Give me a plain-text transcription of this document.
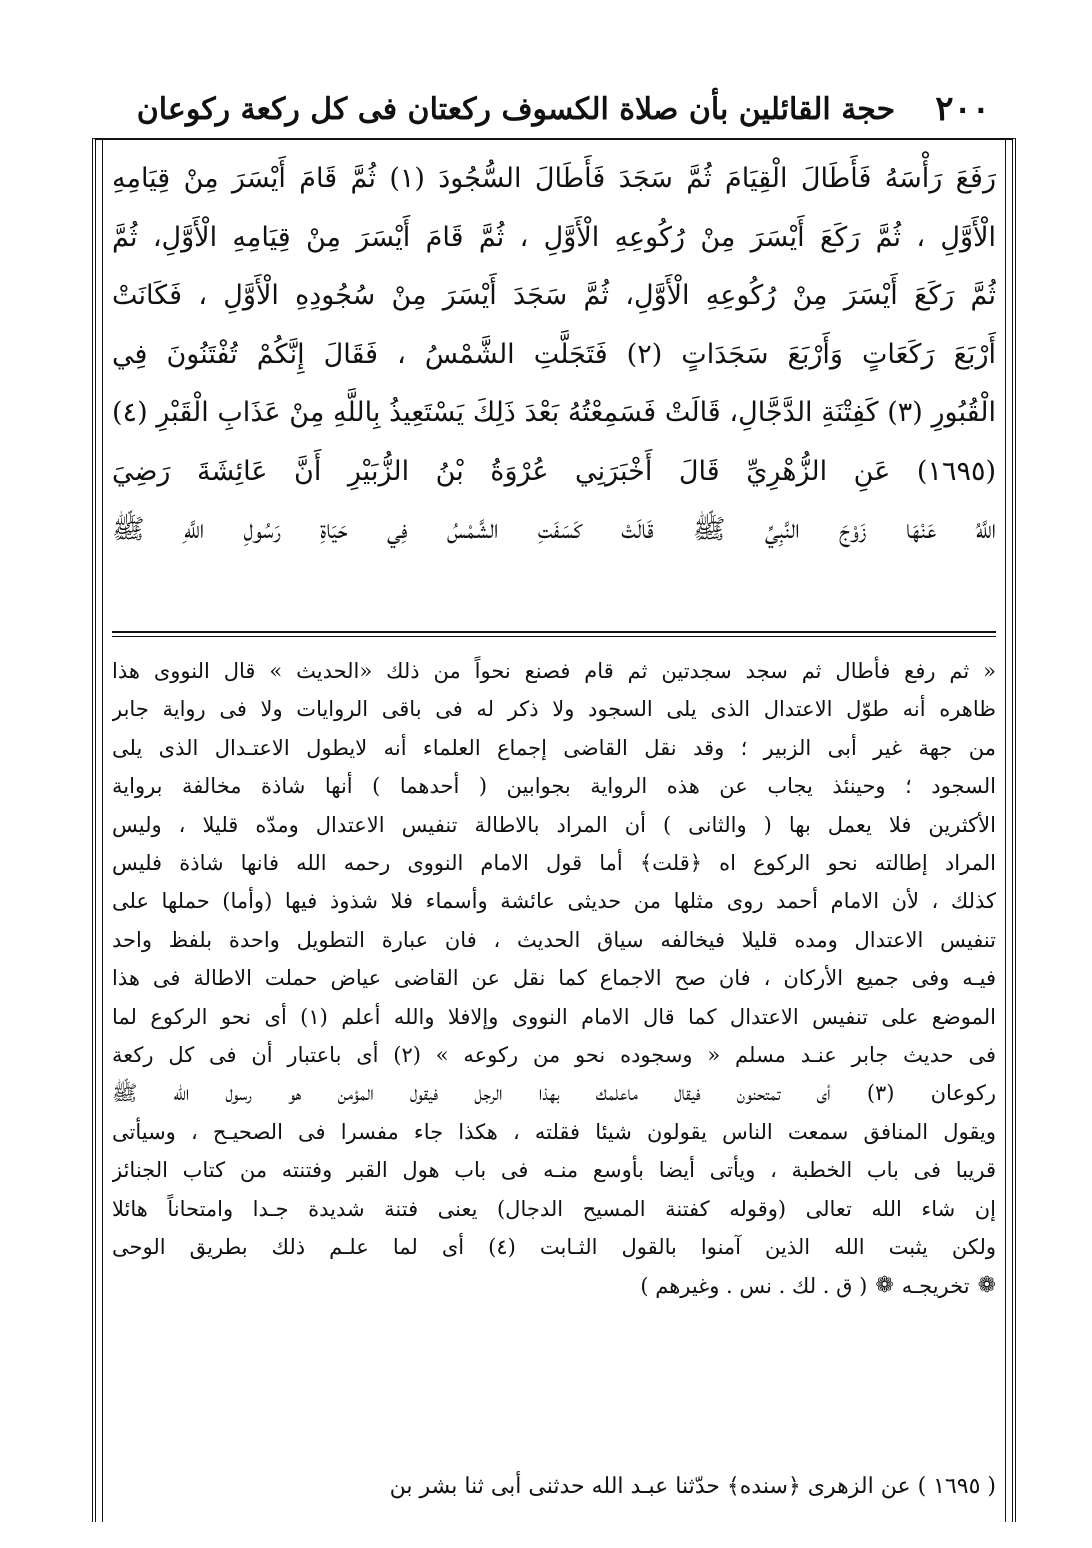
٢٠٠
حجة القائلين بأن صلاة الكسوف ركعتان فى كل ركعة ركوعان

رَفَعَ رَأْسَهُ فَأَطَالَ الْقِيَامَ ثُمَّ سَجَدَ فَأَطَالَ السُّجُودَ (١) ثُمَّ قَامَ أَيْسَرَ مِنْ قِيَامِهِ

الْأَوَّلِ ، ثُمَّ رَكَعَ أَيْسَرَ مِنْ رُكُوعِهِ الْأَوَّلِ ، ثُمَّ قَامَ أَيْسَرَ مِنْ قِيَامِهِ الْأَوَّلِ، ثُمَّ

ثُمَّ رَكَعَ أَيْسَرَ مِنْ رُكُوعِهِ الْأَوَّلِ، ثُمَّ سَجَدَ أَيْسَرَ مِنْ سُجُودِهِ الْأَوَّلِ ، فَكَانَتْ

أَرْبَعَ رَكَعَاتٍ وَأَرْبَعَ سَجَدَاتٍ (٢) فَتَجَلَّتِ الشَّمْسُ ، فَقَالَ إِنَّكُمْ تُفْتَنُونَ فِي

الْقُبُورِ (٣) كَفِتْنَةِ الدَّجَّالِ، قَالَتْ فَسَمِعْتُهُ بَعْدَ ذَلِكَ يَسْتَعِيذُ بِاللَّهِ مِنْ عَذَابِ الْقَبْرِ (٤)

(١٦٩٥) عَنِ الزُّهْرِيِّ قَالَ أَخْبَرَنِي عُرْوَةُ بْنُ الزُّبَيْرِ أَنَّ عَائِشَةَ رَضِيَ

اللَّهُ عَنْهَا زَوْجَ النَّبِيِّ ﷺ قَالَتْ كَسَفَتِ الشَّمْسُ فِي حَيَاةِ رَسُولِ اللَّهِ ﷺ

« ثم رفع فأطال ثم سجد سجدتين ثم قام فصنع نحواً من ذلك «الحديث » قال النووى هذا

ظاهره أنه طوّل الاعتدال الذى يلى السجود ولا ذكر له فى باقى الروايات ولا فى رواية جابر

من جهة غير أبى الزبير ؛ وقد نقل القاضى إجماع العلماء أنه لايطول الاعتـدال الذى يلى

السجود ؛ وحينئذ يجاب عن هذه الرواية بجوابين ( أحدهما ) أنها شاذة مخالفة برواية

الأكثرين فلا يعمل بها ( والثانى ) أن المراد بالاطالة تنفيس الاعتدال ومدّه قليلا ، وليس

المراد إطالته نحو الركوع اه ﴿قلت﴾ أما قول الامام النووى رحمه الله فانها شاذة فليس

كذلك ، لأن الامام أحمد روى مثلها من حديثى عائشة وأسماء فلا شذوذ فيها (وأما) حملها على

تنفيس الاعتدال ومده قليلا فيخالفه سياق الحديث ، فان عبارة التطويل واحدة بلفظ واحد

فيـه وفى جميع الأركان ، فان صح الاجماع كما نقل عن القاضى عياض حملت الاطالة فى هذا

الموضع على تنفيس الاعتدال كما قال الامام النووى وإلافلا والله أعلم (١) أى نحو الركوع لما

فى حديث جابر عنـد مسلم « وسجوده نحو من ركوعه » (٢) أى باعتبار أن فى كل ركعة

ركوعان (٣) أى تمتحنون فيقال ماعلمك بهذا الرجل فيقول المؤمن هو رسول الله ﷺ

ويقول المنافق سمعت الناس يقولون شيئا فقلته ، هكذا جاء مفسرا فى الصحيـح ، وسيأتى

قريبا فى باب الخطبة ، ويأتى أيضا بأوسع منـه فى باب هول القبر وفتنته من كتاب الجنائز

إن شاء الله تعالى (وقوله كفتنة المسيح الدجال) يعنى فتنة شديدة جـدا وامتحاناً هائلا

ولكن يثبت الله الذين آمنوا بالقول الثـابت (٤) أى لما علـم ذلك بطريق الوحى

❁
تخريجـه
❁
( ق . لك . نس . وغيرهم )
( ١٦٩٥ ) عن الزهرى ﴿سنده﴾ حدّثنا عبـد الله حدثنى أبى ثنا بشر بن
